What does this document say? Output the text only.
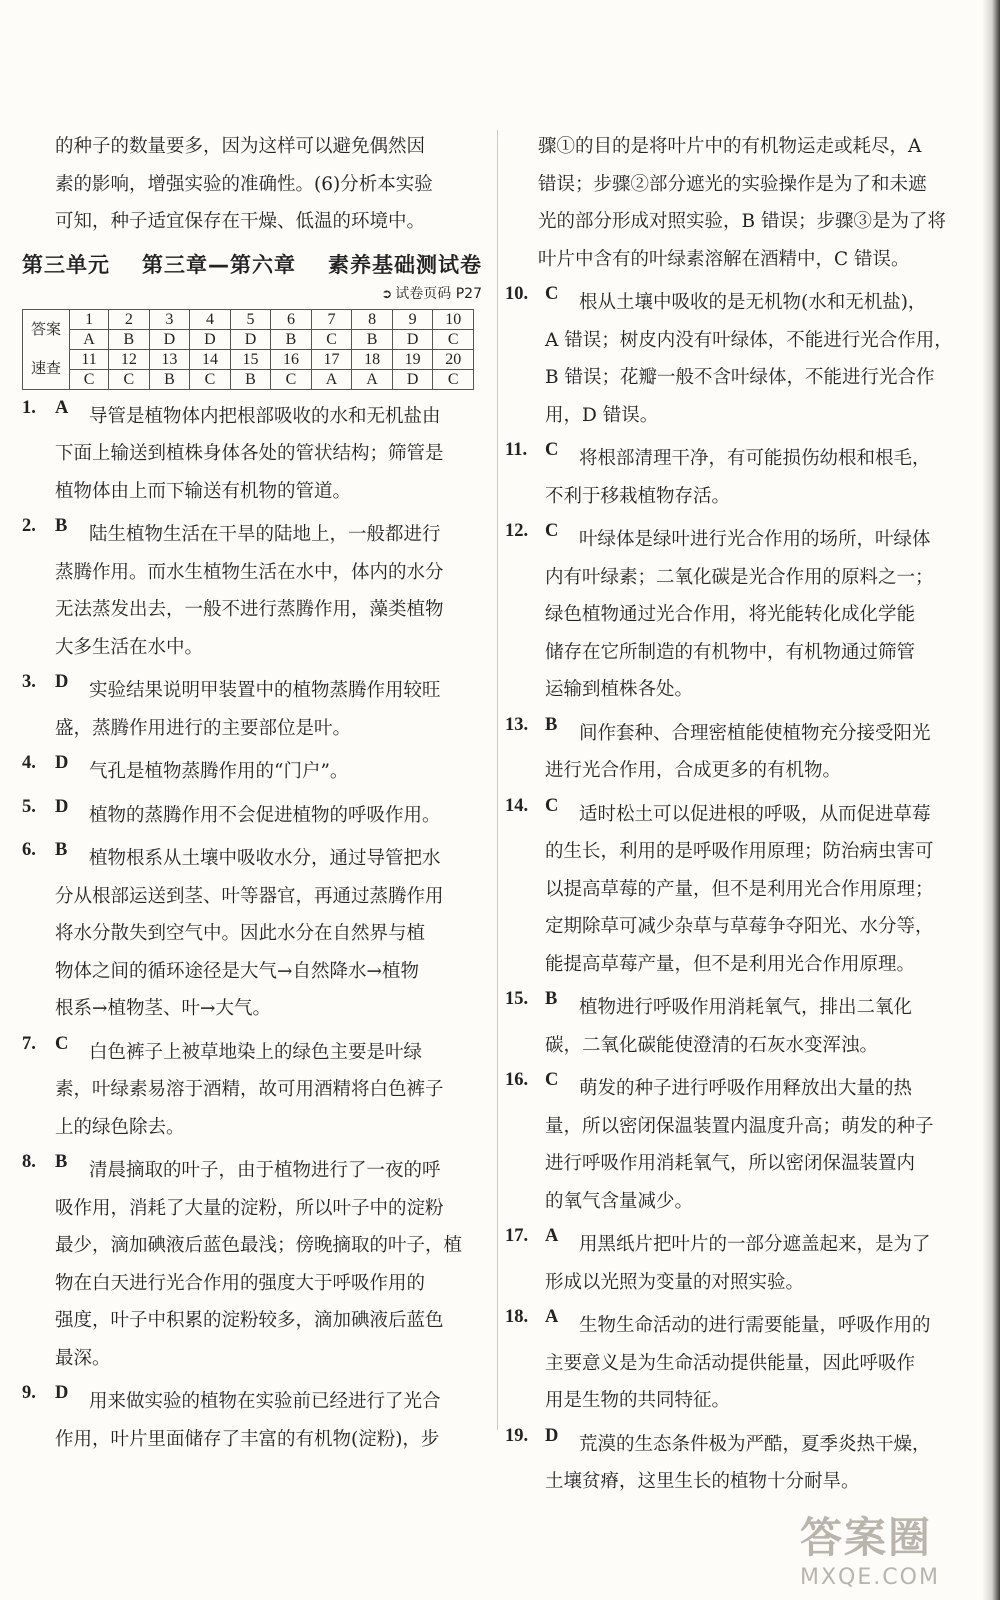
的种子的数量要多，因为这样可以避免偶然因

素的影响，增强实验的准确性。(6)分析本实验

可知，种子适宜保存在干燥、低温的环境中。

第三单元 第三章—第六章 素养基础测试卷
➲ 试卷页码 P27
答案	1	2	3	4	5	6	7	8	9	10
	A	B	D	D	D	B	C	B	D	C
速查	11	12	13	14	15	16	17	18	19	20
	C	C	B	C	B	C	A	A	D	C
1.	A	导管是植物体内把根部吸收的水和无机盐由

下面上输送到植株身体各处的管状结构；筛管是

植物体由上而下输送有机物的管道。

2.	B	陆生植物生活在干旱的陆地上，一般都进行

蒸腾作用。而水生植物生活在水中，体内的水分

无法蒸发出去，一般不进行蒸腾作用，藻类植物

大多生活在水中。

3.	D	实验结果说明甲装置中的植物蒸腾作用较旺

盛，蒸腾作用进行的主要部位是叶。

4.	D	气孔是植物蒸腾作用的“门户”。

5.	D	植物的蒸腾作用不会促进植物的呼吸作用。

6.	B	植物根系从土壤中吸收水分，通过导管把水

分从根部运送到茎、叶等器官，再通过蒸腾作用

将水分散失到空气中。因此水分在自然界与植

物体之间的循环途径是大气→自然降水→植物

根系→植物茎、叶→大气。

7.	C	白色裤子上被草地染上的绿色主要是叶绿

素，叶绿素易溶于酒精，故可用酒精将白色裤子

上的绿色除去。

8.	B	清晨摘取的叶子，由于植物进行了一夜的呼

吸作用，消耗了大量的淀粉，所以叶子中的淀粉

最少，滴加碘液后蓝色最浅；傍晚摘取的叶子，植

物在白天进行光合作用的强度大于呼吸作用的

强度，叶子中积累的淀粉较多，滴加碘液后蓝色

最深。

9.	D	用来做实验的植物在实验前已经进行了光合

作用，叶片里面储存了丰富的有机物(淀粉)，步

骤①的目的是将叶片中的有机物运走或耗尽，A

错误；步骤②部分遮光的实验操作是为了和未遮

光的部分形成对照实验，B 错误；步骤③是为了将

叶片中含有的叶绿素溶解在酒精中，C 错误。

10. C	根从土壤中吸收的是无机物(水和无机盐)，

A 错误；树皮内没有叶绿体，不能进行光合作用，

B 错误；花瓣一般不含叶绿体，不能进行光合作

用，D 错误。

11. C	将根部清理干净，有可能损伤幼根和根毛，

不利于移栽植物存活。

12. C	叶绿体是绿叶进行光合作用的场所，叶绿体

内有叶绿素；二氧化碳是光合作用的原料之一；

绿色植物通过光合作用，将光能转化成化学能

储存在它所制造的有机物中，有机物通过筛管

运输到植株各处。

13. B	间作套种、合理密植能使植物充分接受阳光

进行光合作用，合成更多的有机物。

14. C	适时松土可以促进根的呼吸，从而促进草莓

的生长，利用的是呼吸作用原理；防治病虫害可

以提高草莓的产量，但不是利用光合作用原理；

定期除草可减少杂草与草莓争夺阳光、水分等，

能提高草莓产量，但不是利用光合作用原理。

15. B	植物进行呼吸作用消耗氧气，排出二氧化

碳，二氧化碳能使澄清的石灰水变浑浊。

16. C	萌发的种子进行呼吸作用释放出大量的热

量，所以密闭保温装置内温度升高；萌发的种子

进行呼吸作用消耗氧气，所以密闭保温装置内

的氧气含量减少。

17. A	用黑纸片把叶片的一部分遮盖起来，是为了

形成以光照为变量的对照实验。

18. A	生物生命活动的进行需要能量，呼吸作用的

主要意义是为生命活动提供能量，因此呼吸作

用是生物的共同特征。

19. D	荒漠的生态条件极为严酷，夏季炎热干燥，

土壤贫瘠，这里生长的植物十分耐旱。

答案圈
MXQE.COM
